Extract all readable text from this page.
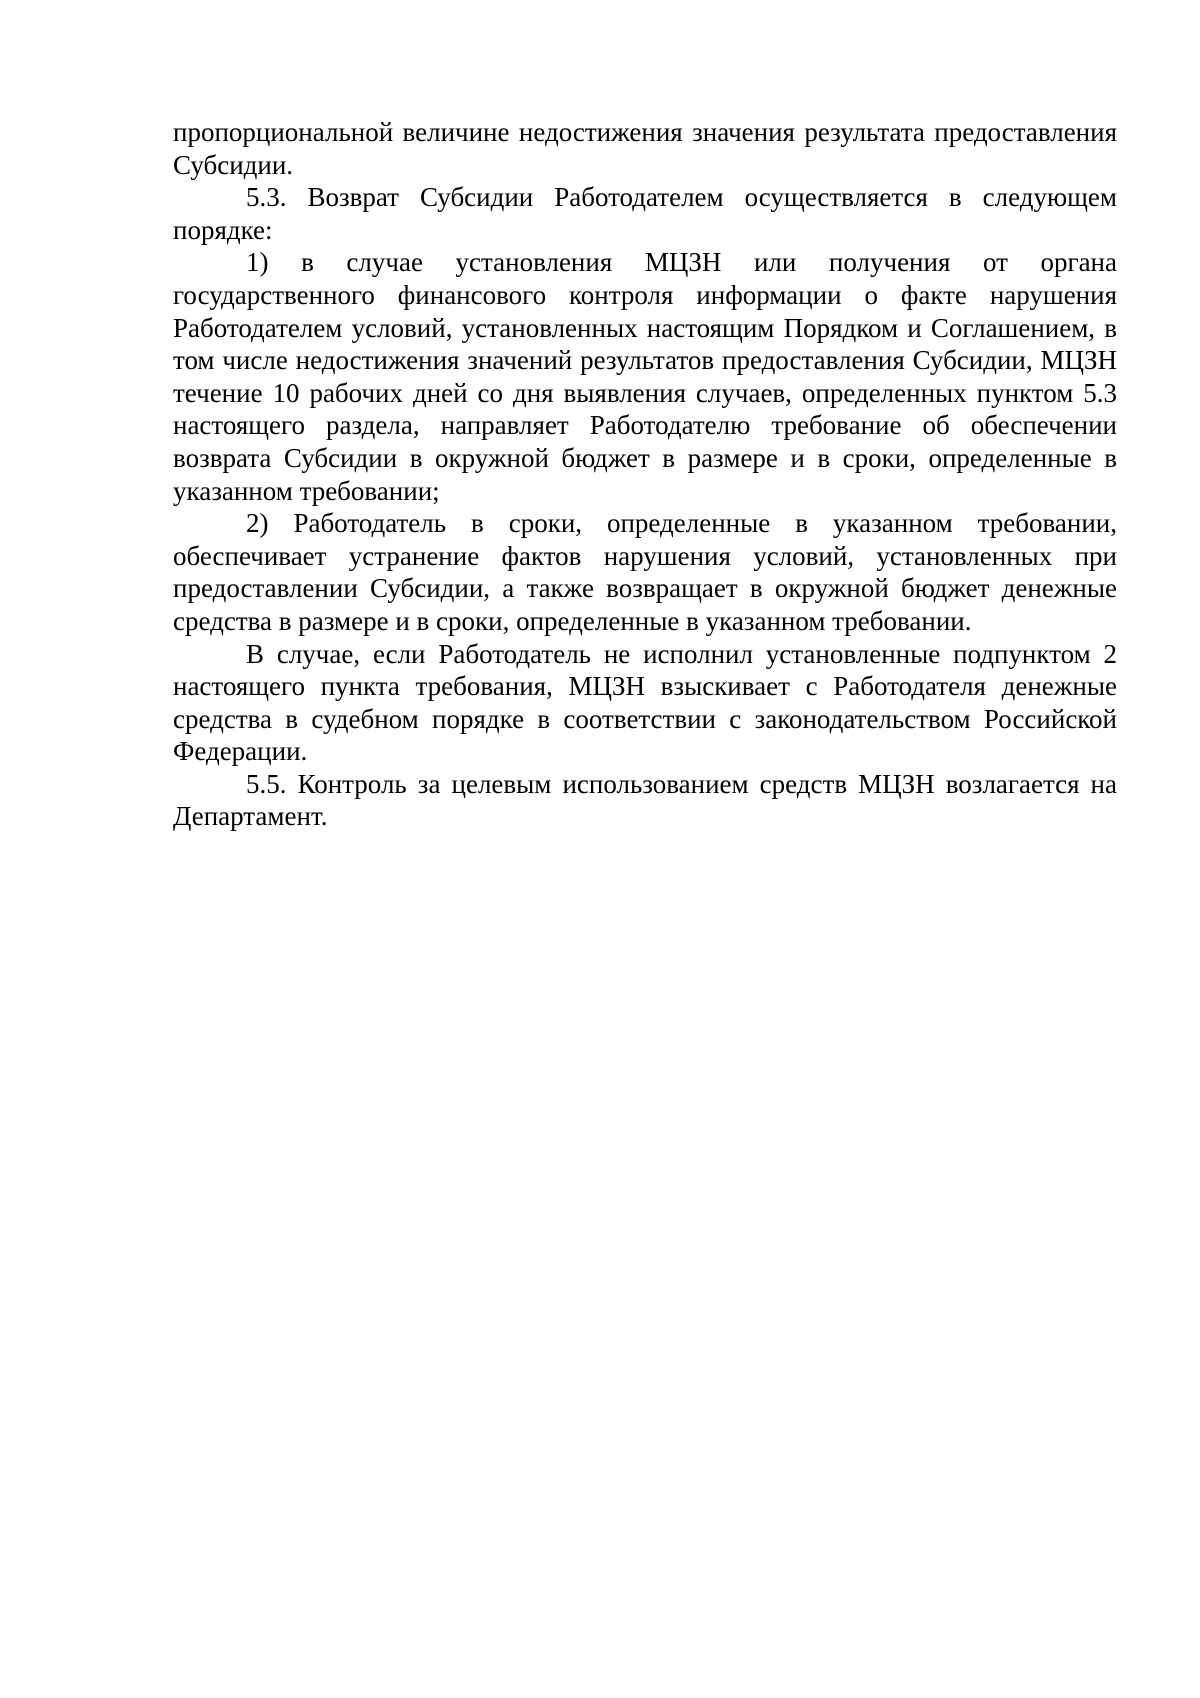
пропорциональной величине недостижения значения результата предоставления Субсидии.

5.3. Возврат Субсидии Работодателем осуществляется в следующем порядке:

1) в случае установления МЦЗН или получения от органа государственного финансового контроля информации о факте нарушения Работодателем условий, установленных настоящим Порядком и Соглашением, в том числе недостижения значений результатов предоставления Субсидии, МЦЗН течение 10 рабочих дней со дня выявления случаев, определенных пунктом 5.3 настоящего раздела, направляет Работодателю требование об обеспечении возврата Субсидии в окружной бюджет в размере и в сроки, определенные в указанном требовании;

2) Работодатель в сроки, определенные в указанном требовании, обеспечивает устранение фактов нарушения условий, установленных при предоставлении Субсидии, а также возвращает в окружной бюджет денежные средства в размере и в сроки, определенные в указанном требовании.

В случае, если Работодатель не исполнил установленные подпунктом 2 настоящего пункта требования, МЦЗН взыскивает с Работодателя денежные средства в судебном порядке в соответствии с законодательством Российской Федерации.

5.5. Контроль за целевым использованием средств МЦЗН возлагается на Департамент.
